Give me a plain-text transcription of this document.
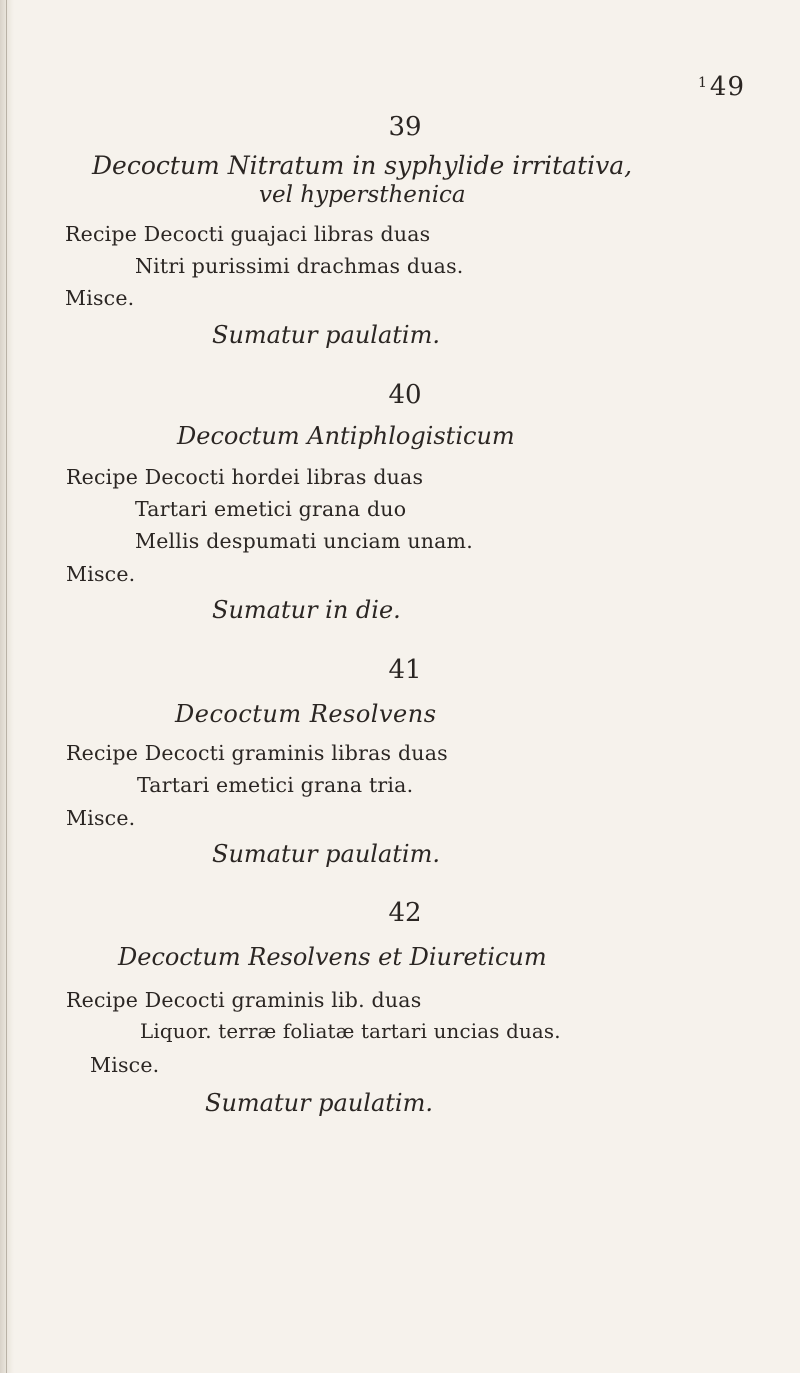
$^1$49
39
Decoctum Nitratum in syphylide irritativa,
vel hypersthenica
Recipe Decocti guajaci libras duas
Nitri purissimi drachmas duas.
Misce.
Sumatur paulatim.
40
Decoctum Antiphlogisticum
Recipe Decocti hordei libras duas
Tartari emetici grana duo
Mellis despumati unciam unam.
Misce.
Sumatur in die.
41
Decoctum Resolvens
Recipe Decocti graminis libras duas
Tartari emetici grana tria.
Misce.
Sumatur paulatim.
42
Decoctum Resolvens et Diureticum
Recipe Decocti graminis lib. duas
Liquor. terræ foliatæ tartari uncias duas.
Misce.
Sumatur paulatim.
